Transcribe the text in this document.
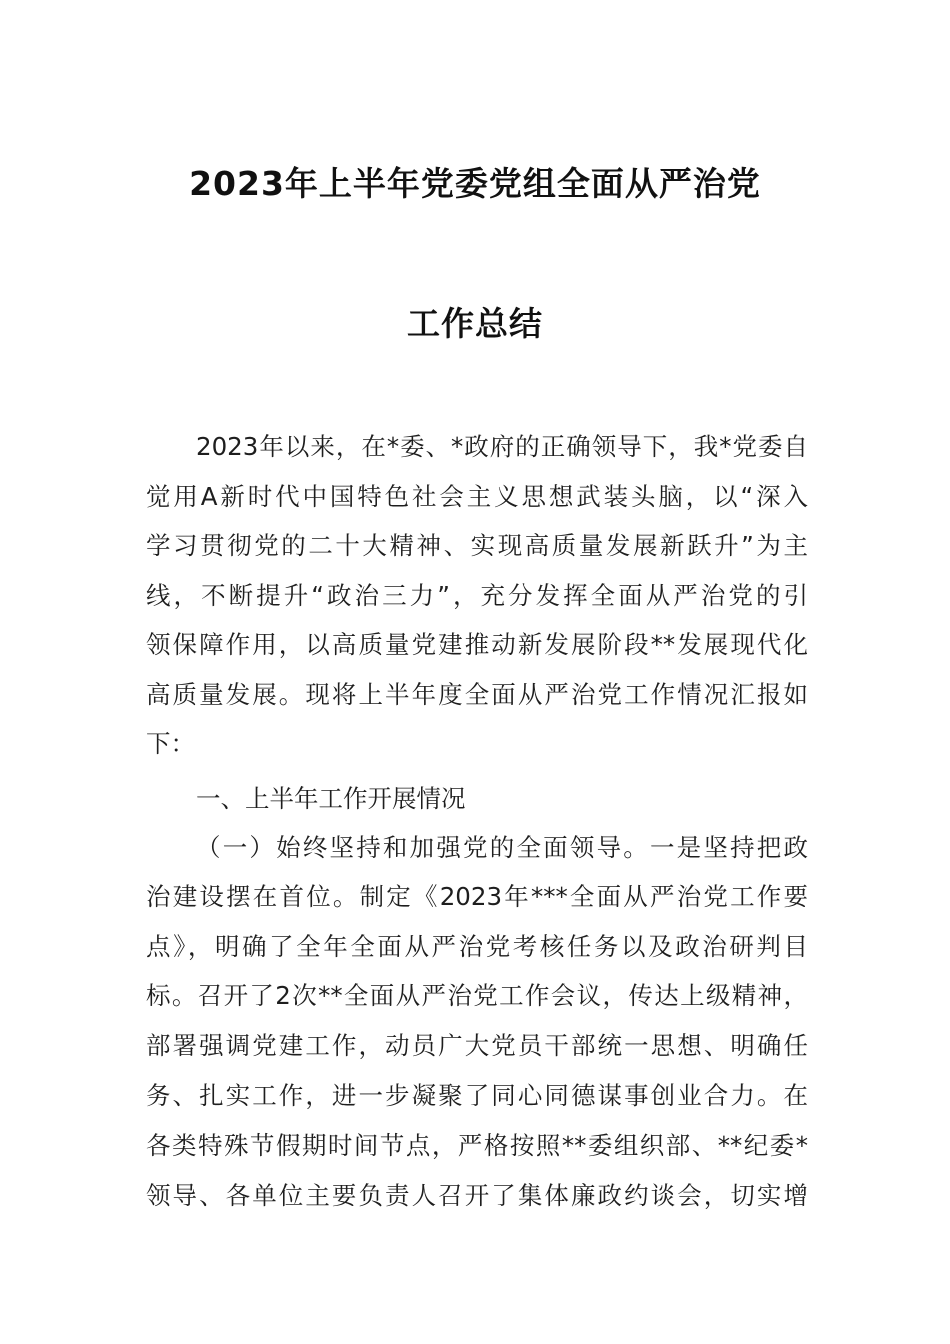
2023年上半年党委党组全面从严治党
工作总结
2023年以来，在*委、*政府的正确领导下，我*党委自
觉用A新时代中国特色社会主义思想武装头脑，以“深入
学习贯彻党的二十大精神、实现高质量发展新跃升”为主
线，不断提升“政治三力”，充分发挥全面从严治党的引
领保障作用，以高质量党建推动新发展阶段**发展现代化
高质量发展。现将上半年度全面从严治党工作情况汇报如
下：
一、上半年工作开展情况
（一）始终坚持和加强党的全面领导。一是坚持把政
治建设摆在首位。制定《2023年***全面从严治党工作要
点》，明确了全年全面从严治党考核任务以及政治研判目
标。召开了2次**全面从严治党工作会议，传达上级精神，
部署强调党建工作，动员广大党员干部统一思想、明确任
务、扎实工作，进一步凝聚了同心同德谋事创业合力。在
各类特殊节假期时间节点，严格按照**委组织部、**纪委*
领导、各单位主要负责人召开了集体廉政约谈会，切实增
